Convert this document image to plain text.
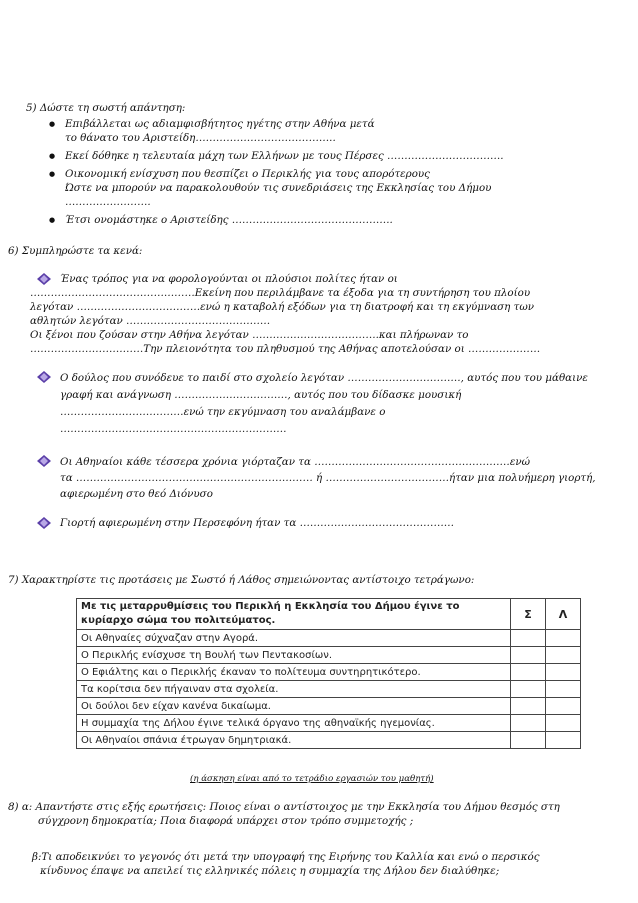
5) Δώστε τη σωστή απάντηση:
● Επιβάλλεται ως αδιαμφισβήτητος ηγέτης στην Αθήνα μετά
το θάνατο του Αριστείδη…………………………………..
● Εκεί δόθηκε η τελευταία μάχη των Ελλήνων με τους Πέρσες …………………………….
● Οικονομική ενίσχυση που θεσπίζει ο Περικλής για τους απορότερους
Ώστε να μπορούν να παρακολουθούν τις συνεδριάσεις της Εκκλησίας του Δήμου
…………………….
● Έτσι ονομάστηκε ο Αριστείδης ………………………………………..
6) Συμπληρώστε τα κενά:
Ένας τρόπος για να φορολογούνται οι πλούσιοι πολίτες ήταν οι
…………………………………………Εκείνη που περιλάμβανε τα έξοδα για τη συντήρηση του πλοίου
λεγόταν ………………………………ενώ η καταβολή εξόδων για τη διατροφή και τη εκγύμναση των
αθλητών λεγόταν ……………………………………
Οι ξένοι που ζούσαν στην Αθήνα λεγόταν ……………………………….και πλήρωναν το
……………………………Την πλειονότητα του πληθυσμού της Αθήνας αποτελούσαν οι …………………
Ο δούλος που συνόδευε το παιδί στο σχολείο λεγόταν ……………………………, αυτός που του μάθαινε
γραφή και ανάγνωση ……………………………, αυτός που του δίδασκε μουσική
………………………………ενώ την εκγύμναση του αναλάμβανε ο
…………………………………………………………
Οι Αθηναίοι κάθε τέσσερα χρόνια γιόρταζαν τα …………………………………………………ενώ
τα …………………………………………………………… ή ………………………………ήταν μια πολυήμερη γιορτή,
αφιερωμένη στο θεό Διόνυσο
Γιορτή αφιερωμένη στην Περσεφόνη ήταν τα ………………………………………
7) Χαρακτηρίστε τις προτάσεις με Σωστό ή Λάθος σημειώνοντας αντίστοιχο τετράγωνο:
Με τις μεταρρυθμίσεις του Περικλή η Εκκλησία του Δήμου έγινε το κυρίαρχο σώμα του πολιτεύματος.	Σ	Λ
Οι Αθηναίες σύχναζαν στην Αγορά.		
Ο Περικλής ενίσχυσε τη Βουλή των Πεντακοσίων.		
Ο Εφιάλτης και ο Περικλής έκαναν το πολίτευμα συντηρητικότερο.		
Τα κορίτσια δεν πήγαιναν στα σχολεία.		
Οι δούλοι δεν είχαν κανένα δικαίωμα.		
Η συμμαχία της Δήλου έγινε τελικά όργανο της αθηναϊκής ηγεμονίας.		
Οι Αθηναίοι σπάνια έτρωγαν δημητριακά.		
(η άσκηση είναι από το τετράδιο εργασιών του μαθητή)
8) α: Απαντήστε στις εξής ερωτήσεις: Ποιος είναι ο αντίστοιχος με την Εκκλησία του Δήμου θεσμός στη
σύγχρονη δημοκρατία; Ποια διαφορά υπάρχει στον τρόπο συμμετοχής ;
β:Τι αποδεικνύει το γεγονός ότι μετά την υπογραφή της Ειρήνης του Καλλία και ενώ ο περσικός
κίνδυνος έπαψε να απειλεί τις ελληνικές πόλεις η συμμαχία της Δήλου δεν διαλύθηκε;
